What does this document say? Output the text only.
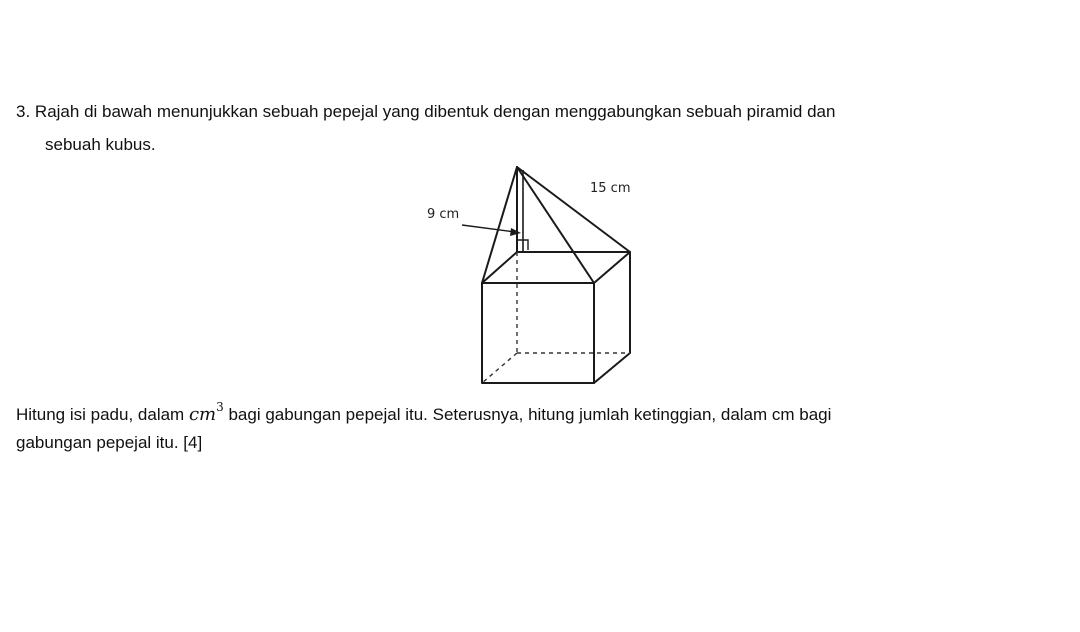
3. Rajah di bawah menunjukkan sebuah pepejal yang dibentuk dengan menggabungkan sebuah piramid dan
sebuah kubus.
15 cm
9 cm
Hitung isi padu, dalam $cm^3$ bagi gabungan pepejal itu. Seterusnya, hitung jumlah ketinggian, dalam cm bagi
gabungan pepejal itu. [4]
